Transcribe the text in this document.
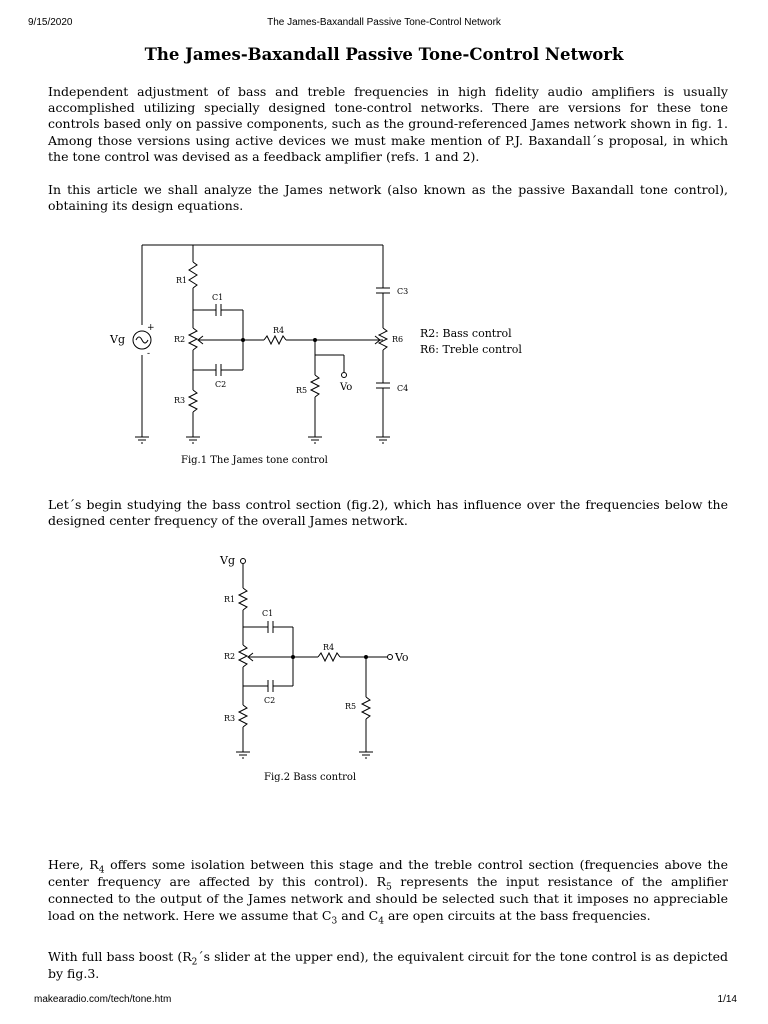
9/15/2020	The James-Baxandall Passive Tone-Control Network
The James-Baxandall Passive Tone-Control Network
Independent adjustment of bass and treble frequencies in high fidelity audio amplifiers is usually accomplished utilizing specially designed tone-control networks. There are versions for these tone controls based only on passive components, such as the ground-referenced James network shown in fig. 1. Among those versions using active devices we must make mention of P.J. Baxandall´s proposal, in which the tone control was devised as a feedback amplifier (refs. 1 and 2).
In this article we shall analyze the James network (also known as the passive Baxandall tone control), obtaining its design equations.
Vg
+
-
R1
C1
R2
C2
R3
R4
R5	Vo
C3
R6
C4
R2: Bass control
R6: Treble control
Fig.1 The James tone control
Let´s begin studying the bass control section (fig.2), which has influence over the frequencies below the designed center frequency of the overall James network.
Vg
R1
C1
R2
C2
R3
R4
R5
Vo
Fig.2 Bass control
Here, $R_4$ offers some isolation between this stage and the treble control section (frequencies above the center frequency are affected by this control). $R_5$ represents the input resistance of the amplifier connected to the output of the James network and should be selected such that it imposes no appreciable load on the network. Here we assume that $C_3$ and $C_4$ are open circuits at the bass frequencies.
With full bass boost ($R_2´s$ slider at the upper end), the equivalent circuit for the tone control is as depicted by fig.3.
makearadio.com/tech/tone.htm	1/14
